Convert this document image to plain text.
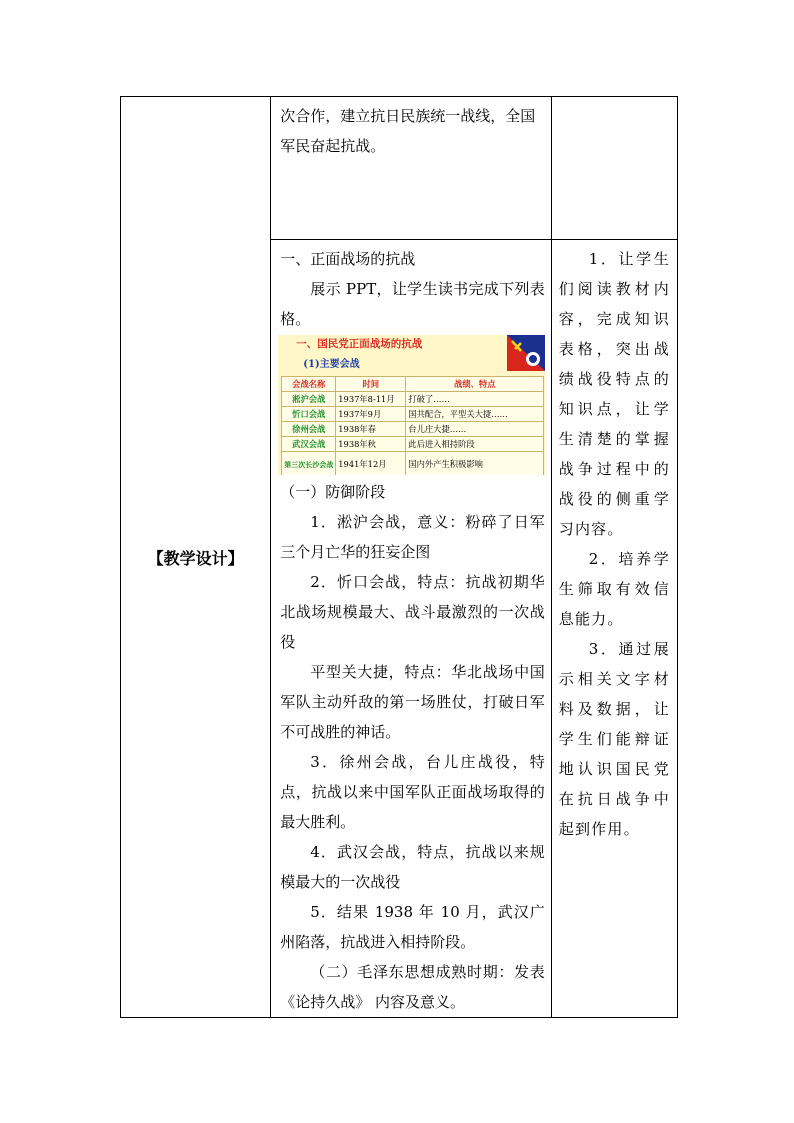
【教学设计】	

次合作，建立抗日民族统一战线，全国

军民奋起抗战。

一、正面战场的抗战

展示 PPT，让学生读书完成下列表格。

一、国民党正面战场的抗战
(1)主要会战
会战名称	时间	战绩、特点
淞沪会战	1937年8-11月	打破了……
忻口会战	1937年9月	国共配合，平型关大捷……
徐州会战	1938年春	台儿庄大捷……
武汉会战	1938年秋	此后进入相持阶段
第三次长沙会战	1941年12月	国内外产生积极影响

（一）防御阶段

1．淞沪会战，意义：粉碎了日军三个月亡华的狂妄企图

2．忻口会战，特点：抗战初期华北战场规模最大、战斗最激烈的一次战役

平型关大捷，特点：华北战场中国军队主动歼敌的第一场胜仗，打破日军不可战胜的神话。

3．徐州会战，台儿庄战役，特点，抗战以来中国军队正面战场取得的最大胜利。

4．武汉会战，特点，抗战以来规模最大的一次战役

5．结果 1938 年 10 月，武汉广州陷落，抗战进入相持阶段。

（二）毛泽东思想成熟时期：发表《论持久战》 内容及意义。

1．让学生们阅读教材内容，完成知识表格，突出战绩战役特点的知识点，让学生清楚的掌握战争过程中的战役的侧重学习内容。

2．培养学生筛取有效信息能力。

3．通过展示相关文字材料及数据，让学生们能辩证地认识国民党在抗日战争中起到作用。
